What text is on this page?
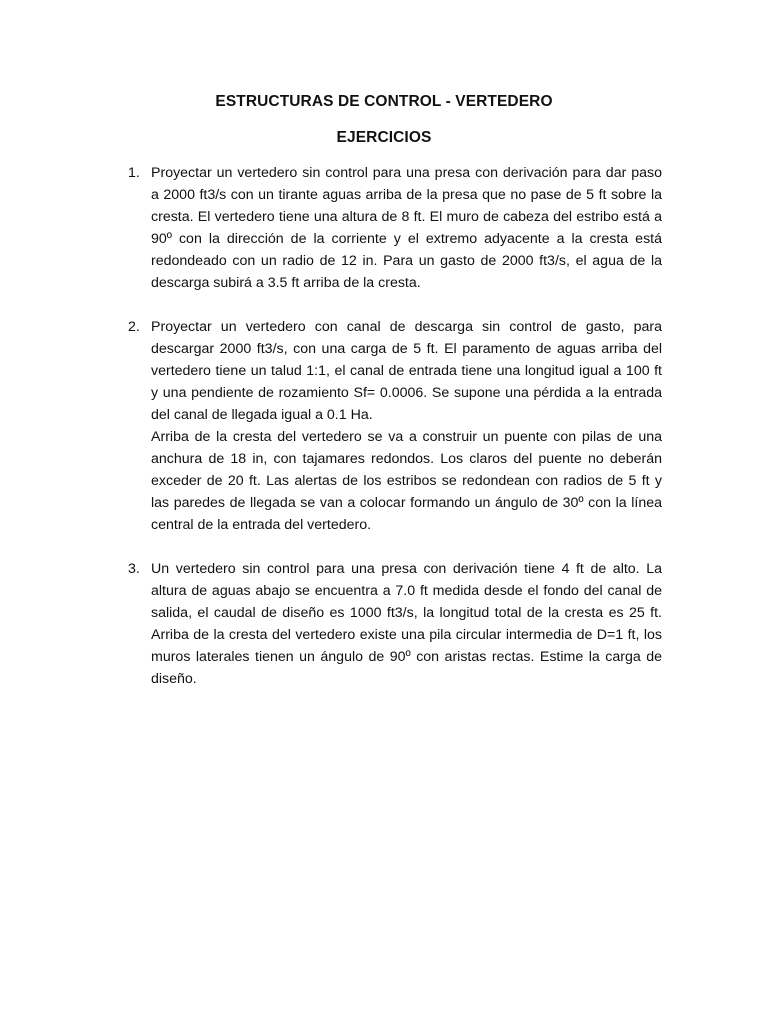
ESTRUCTURAS DE CONTROL - VERTEDERO
EJERCICIOS
1. Proyectar un vertedero sin control para una presa con derivación para dar paso a 2000 ft3/s con un tirante aguas arriba de la presa que no pase de 5 ft sobre la cresta. El vertedero tiene una altura de 8 ft. El muro de cabeza del estribo está a 90º con la dirección de la corriente y el extremo adyacente a la cresta está redondeado con un radio de 12 in. Para un gasto de 2000 ft3/s, el agua de la descarga subirá a 3.5 ft arriba de la cresta.

2. Proyectar un vertedero con canal de descarga sin control de gasto, para descargar 2000 ft3/s, con una carga de 5 ft. El paramento de aguas arriba del vertedero tiene un talud 1:1, el canal de entrada tiene una longitud igual a 100 ft y una pendiente de rozamiento Sf= 0.0006. Se supone una pérdida a la entrada del canal de llegada igual a 0.1 Ha.

Arriba de la cresta del vertedero se va a construir un puente con pilas de una anchura de 18 in, con tajamares redondos. Los claros del puente no deberán exceder de 20 ft. Las alertas de los estribos se redondean con radios de 5 ft y las paredes de llegada se van a colocar formando un ángulo de 30º con la línea central de la entrada del vertedero.

3. Un vertedero sin control para una presa con derivación tiene 4 ft de alto. La altura de aguas abajo se encuentra a 7.0 ft medida desde el fondo del canal de salida, el caudal de diseño es 1000 ft3/s, la longitud total de la cresta es 25 ft. Arriba de la cresta del vertedero existe una pila circular intermedia de D=1 ft, los muros laterales tienen un ángulo de 90º con aristas rectas. Estime la carga de diseño.
